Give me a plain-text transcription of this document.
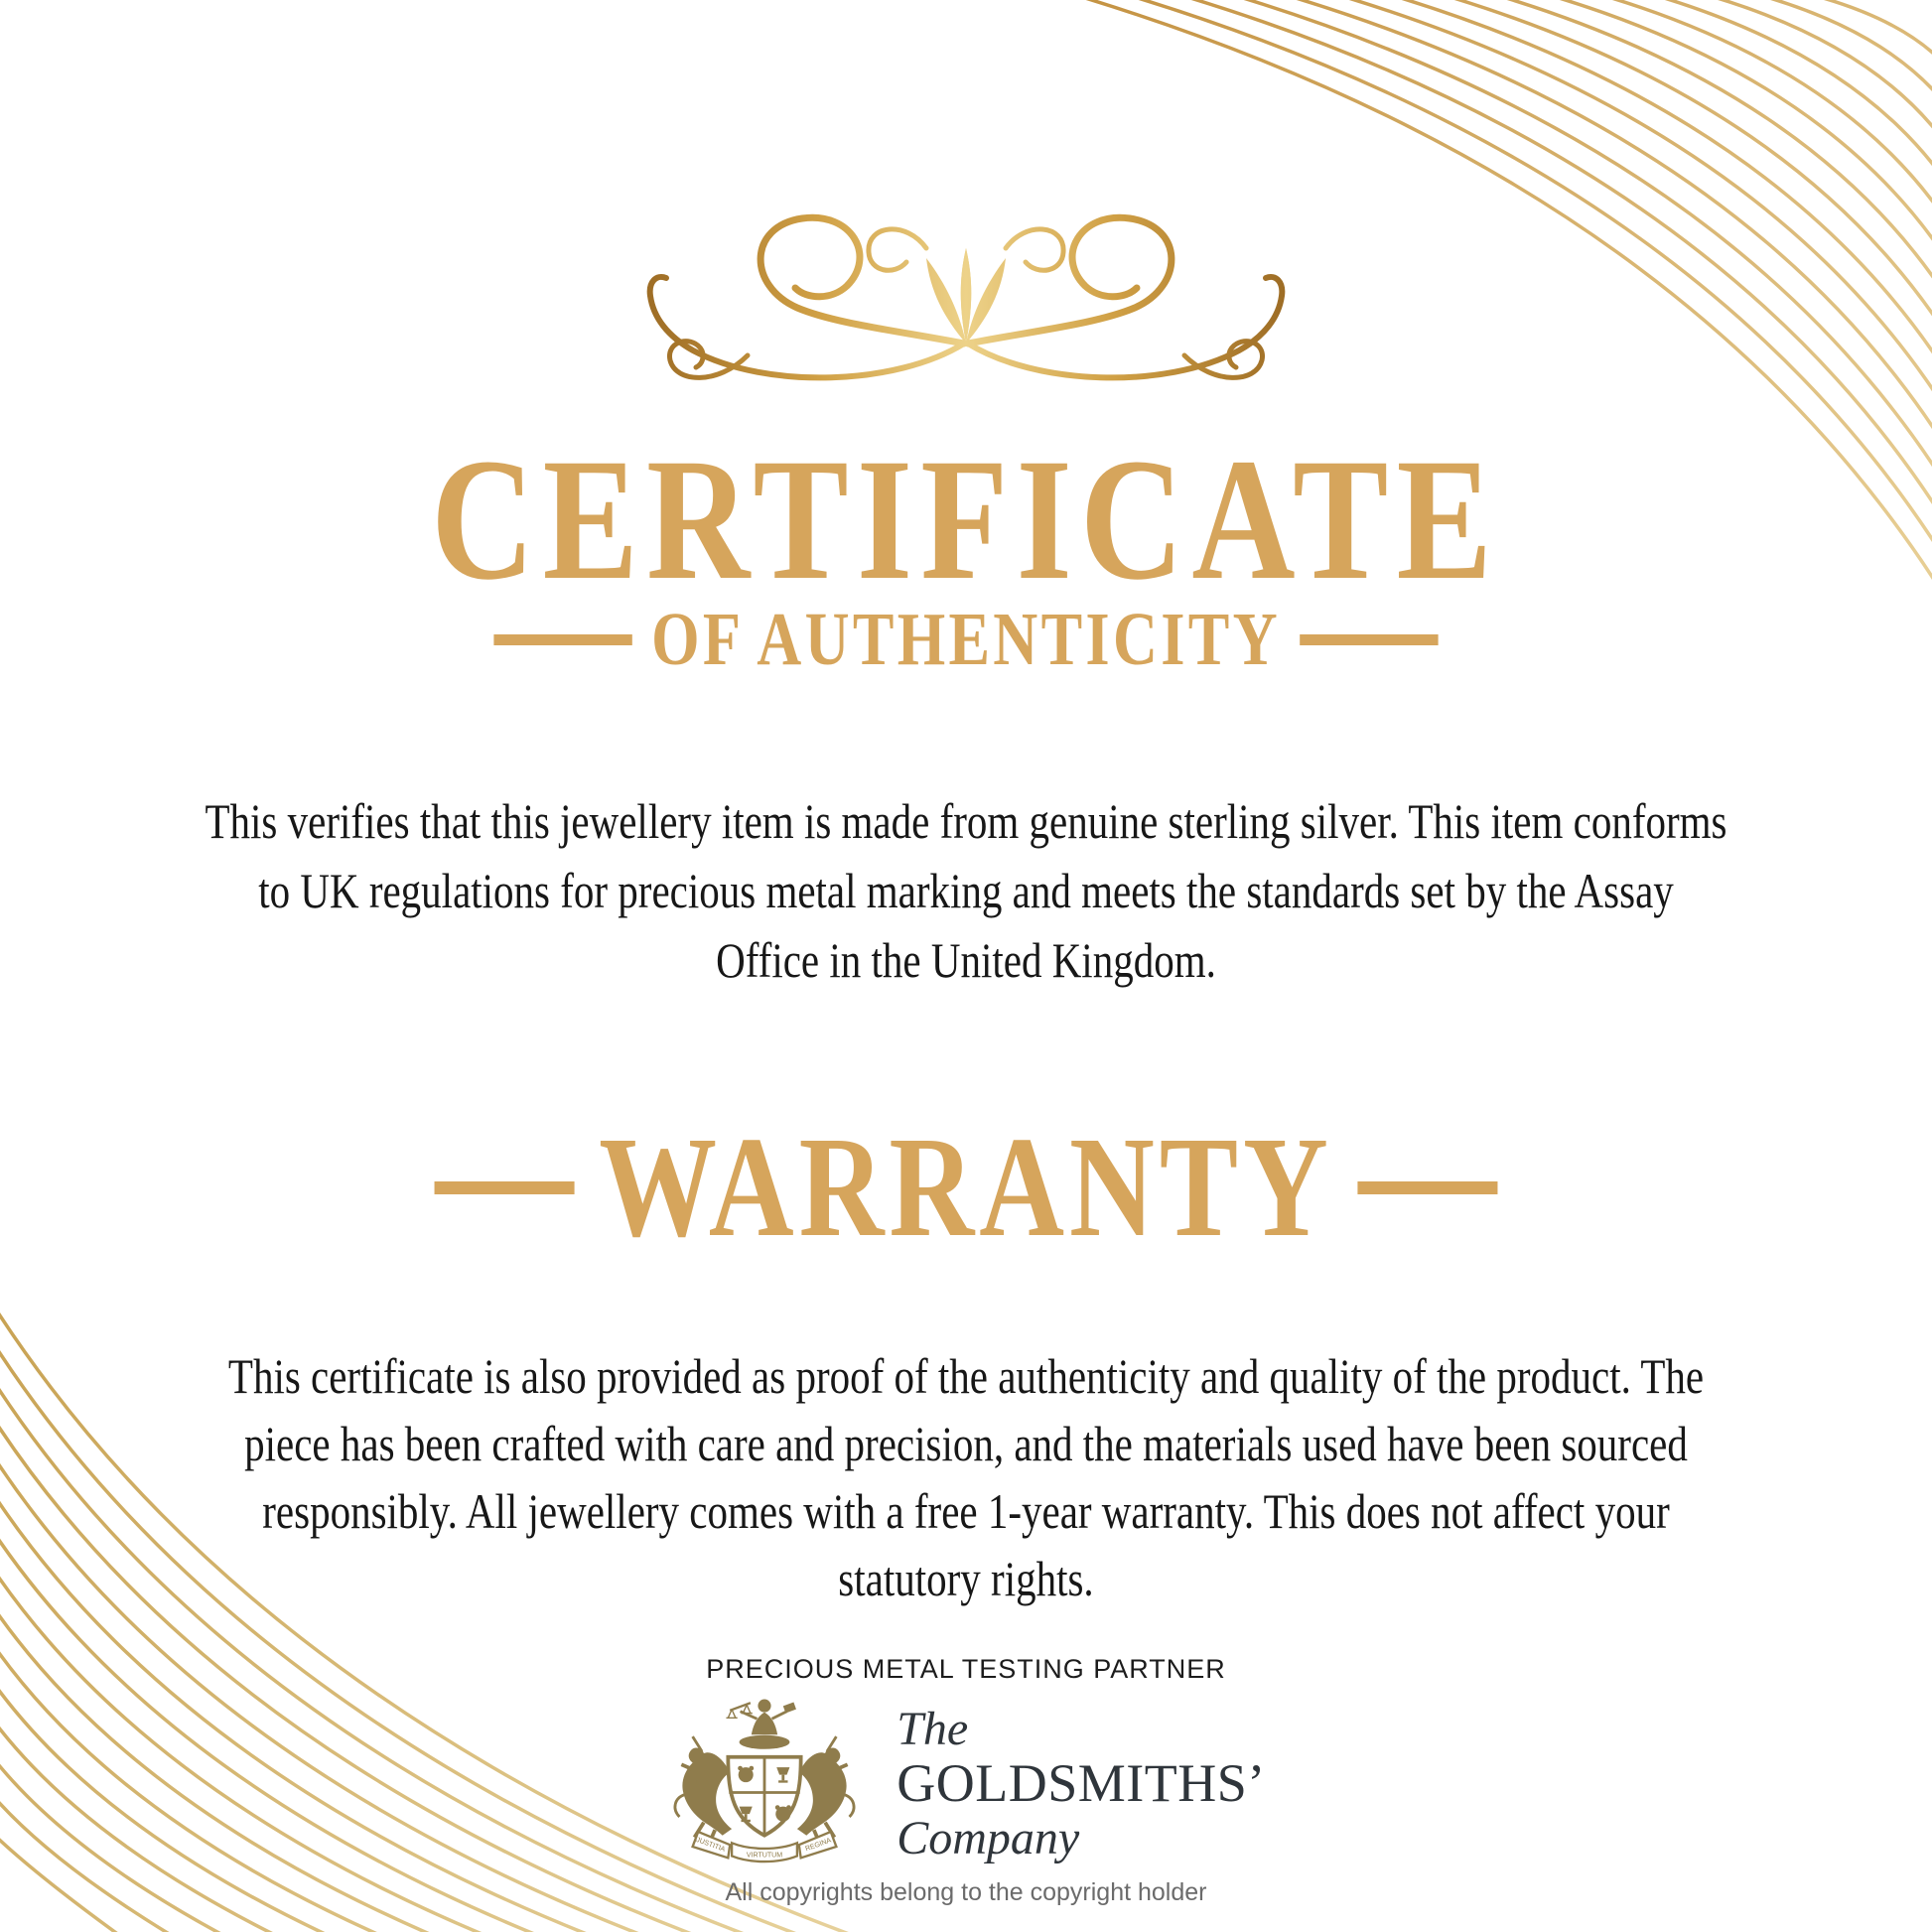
CERTIFICATE
OF AUTHENTICITY
This verifies that this jewellery item is made from genuine sterling silver. This item conforms
to UK regulations for precious metal marking and meets the standards set by the Assay
Office in the United Kingdom.
WARRANTY
This certificate is also provided as proof of the authenticity and quality of the product. The
piece has been crafted with care and precision, and the materials used have been sourced
responsibly. All jewellery comes with a free 1-year warranty. This does not affect your
statutory rights.
PRECIOUS METAL TESTING PARTNER
JUSTITIA
VIRTUTUM
REGINA
The
GOLDSMITHS’
Company
All copyrights belong to the copyright holder
